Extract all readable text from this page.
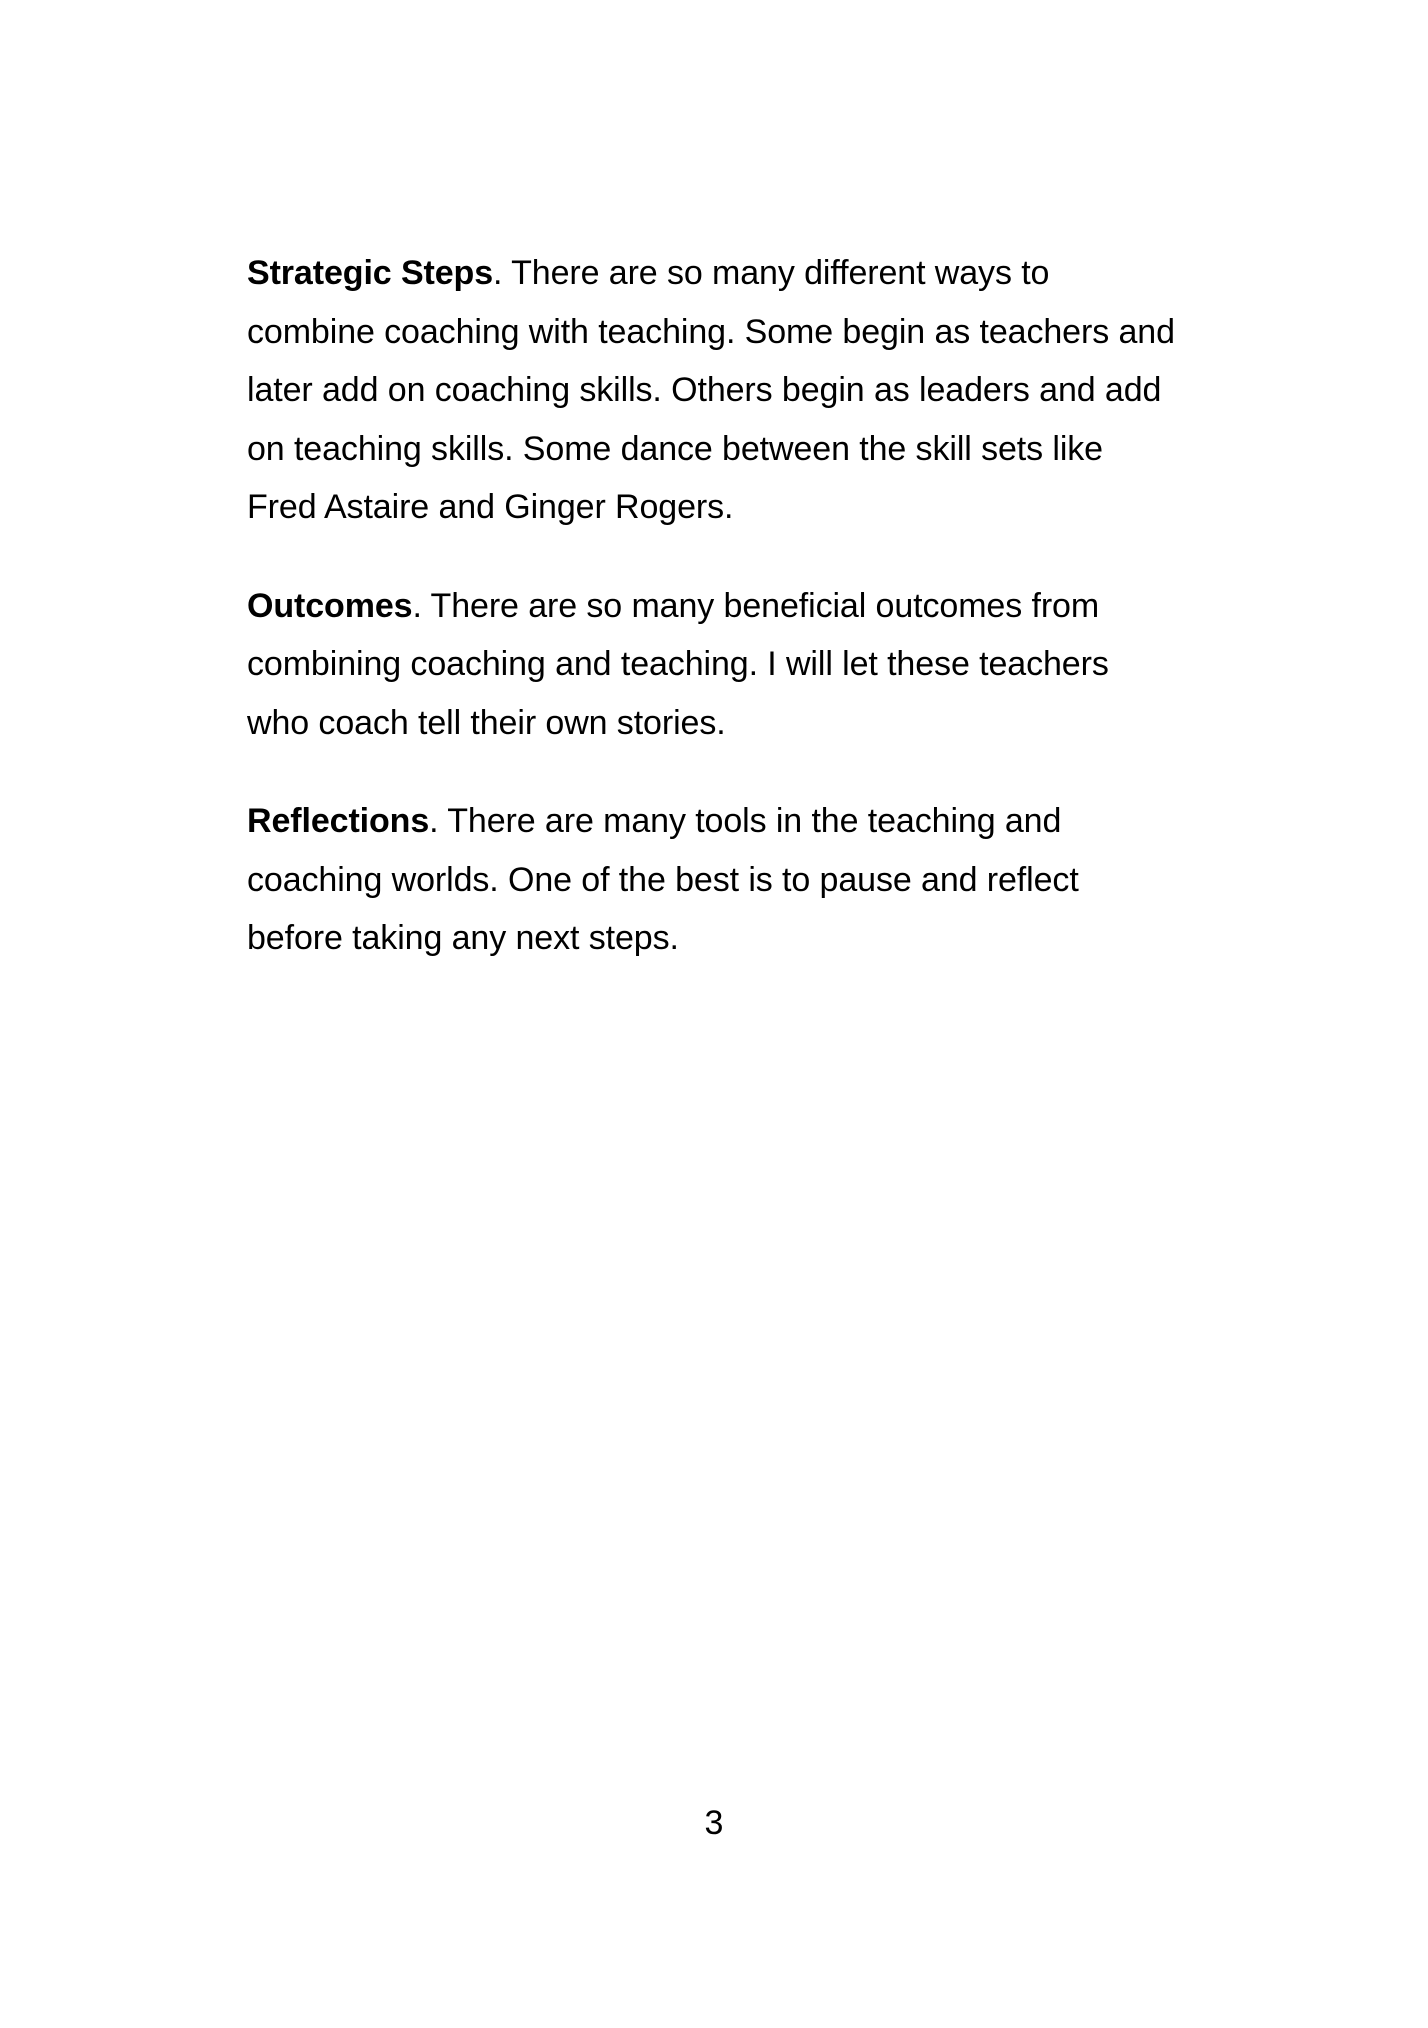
Strategic Steps. There are so many different ways to
combine coaching with teaching. Some begin as teachers and
later add on coaching skills. Others begin as leaders and add
on teaching skills. Some dance between the skill sets like
Fred Astaire and Ginger Rogers.
Outcomes. There are so many beneficial outcomes from
combining coaching and teaching. I will let these teachers
who coach tell their own stories.
Reflections. There are many tools in the teaching and
coaching worlds. One of the best is to pause and reflect
before taking any next steps.
3
